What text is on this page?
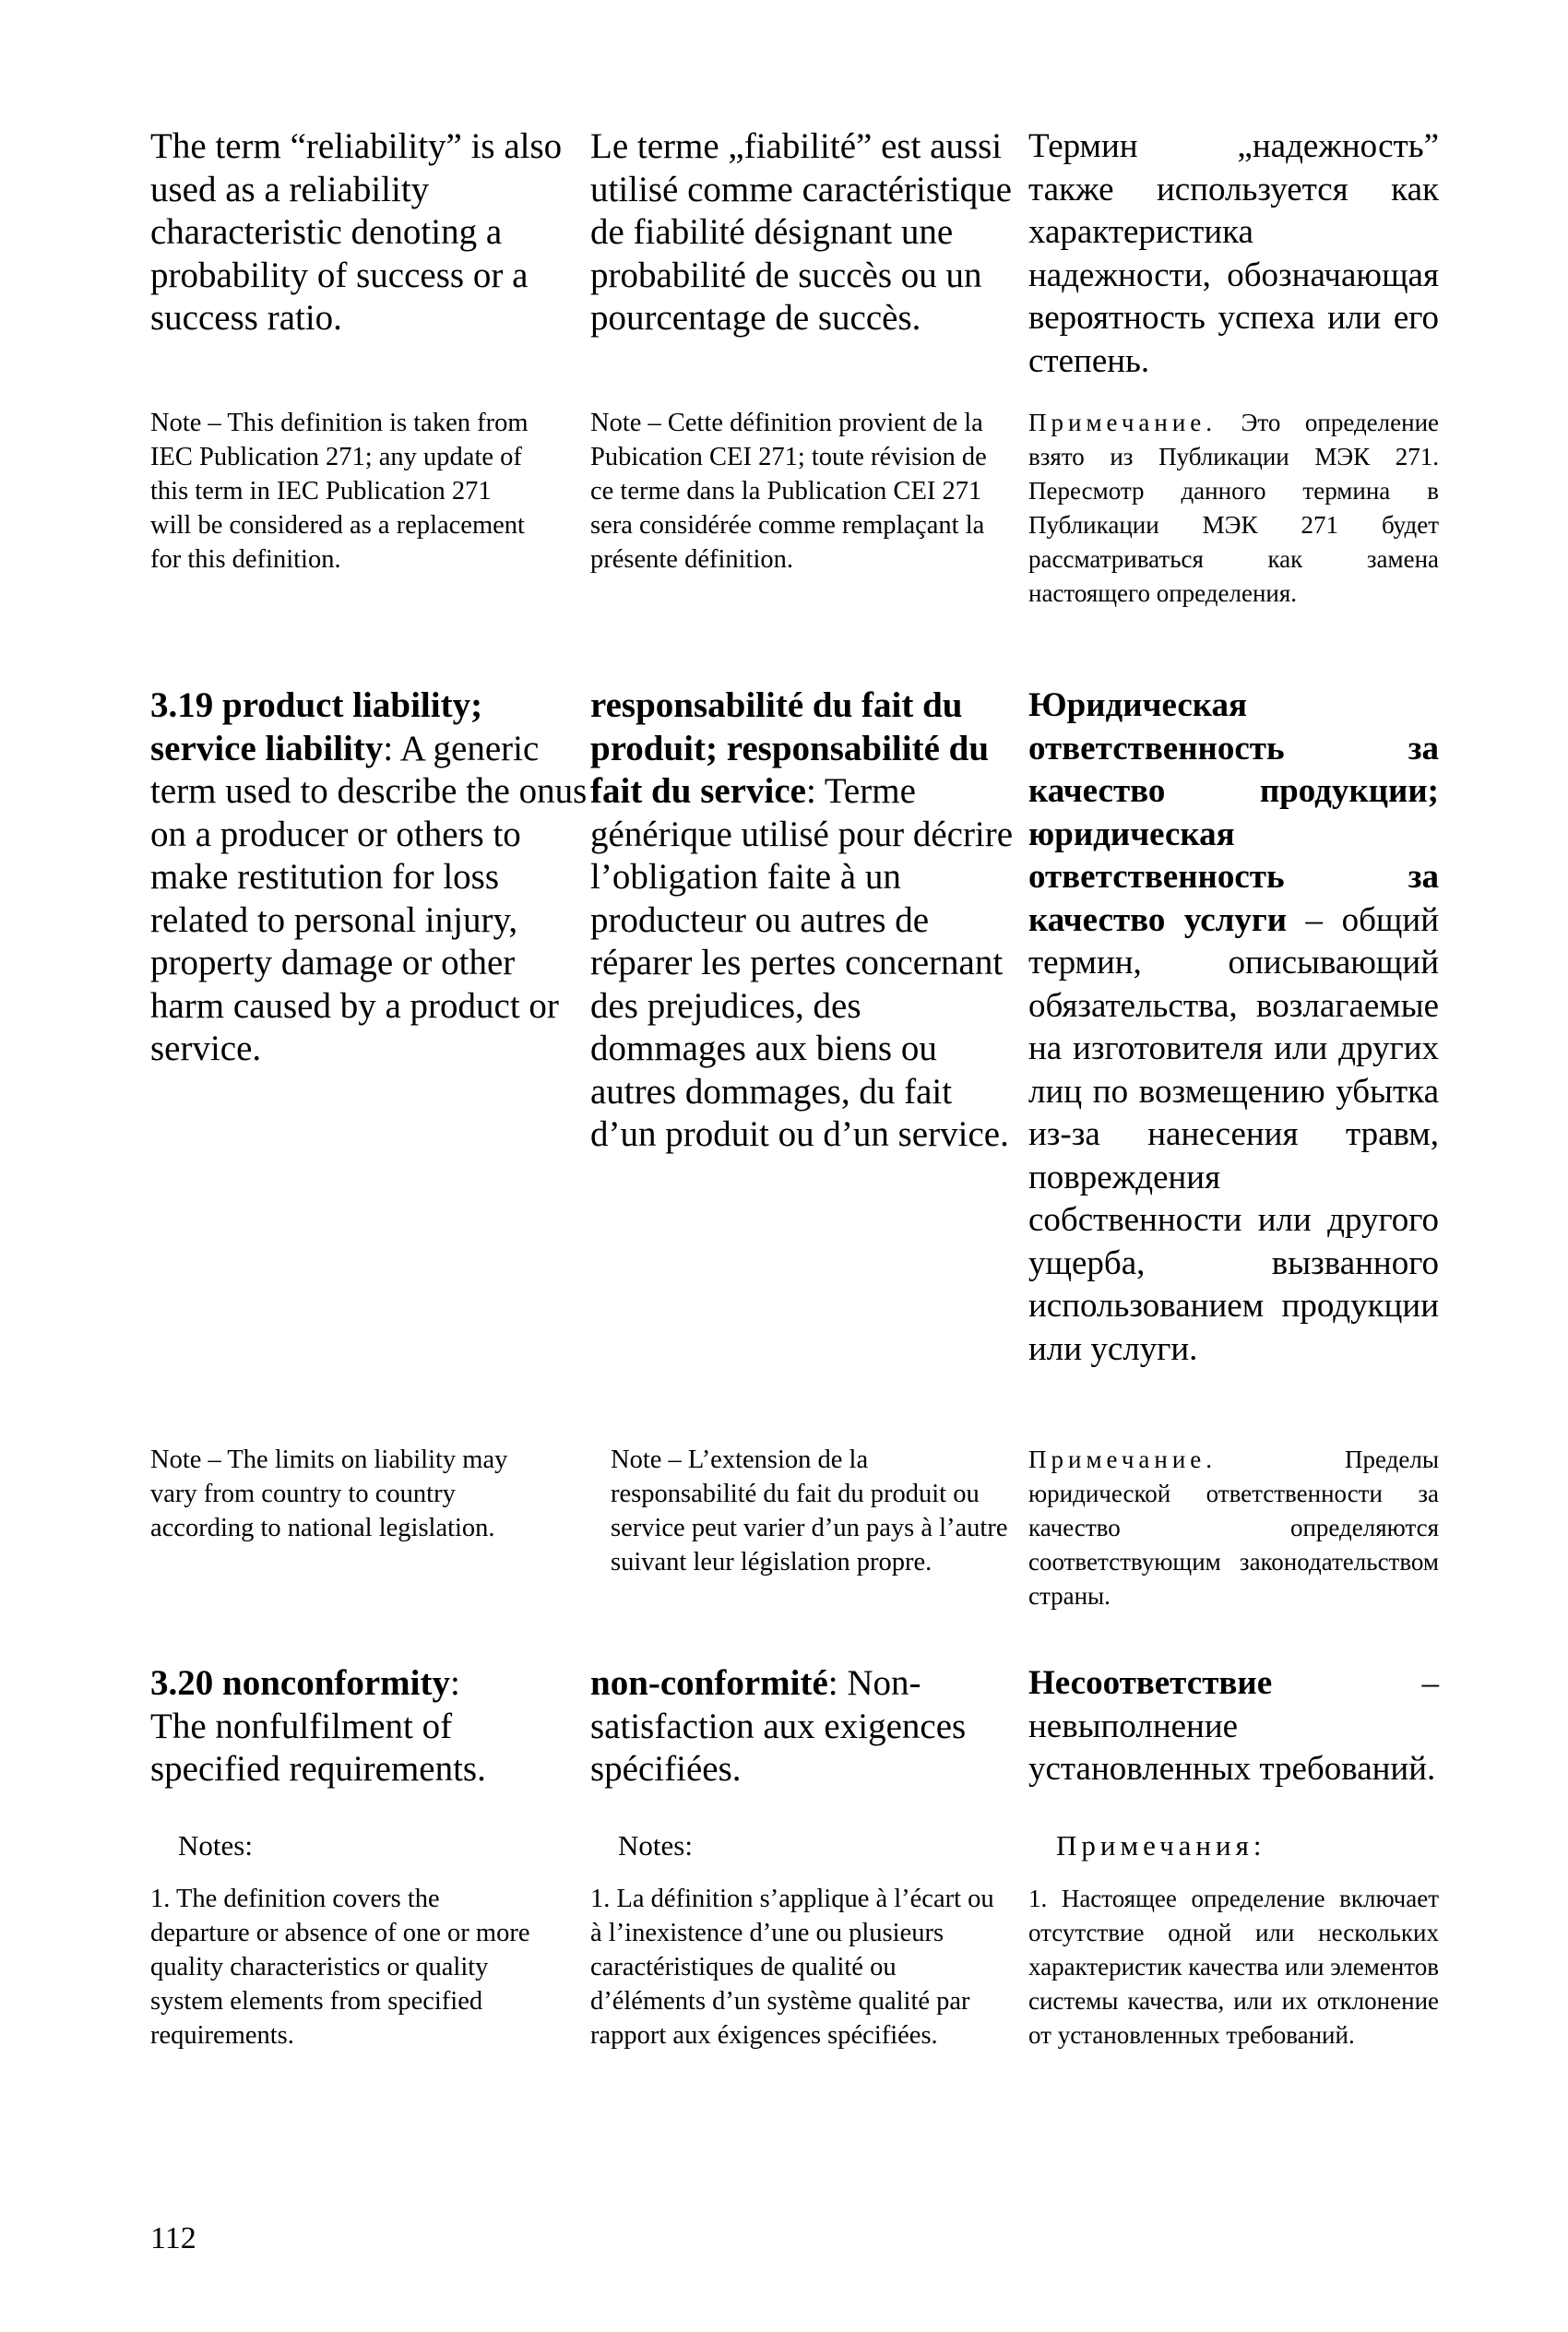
The term “reliability” is also used as a reliability characteristic denoting a probability of success or a success ratio.
Le terme „fiabilité” est aussi utilisé comme caractéristique de fiabilité désignant une probabilité de succès ou un pourcentage de succès.
Термин „надежность” также используется как характеристика надежности, обозначающая вероятность успеха или его степень.
Note – This definition is taken from IEC Publication 271; any update of this term in IEC Publication 271 will be considered as a replacement for this definition.
Note – Cette définition provient de la Pubication CEI 271; toute révision de ce terme dans la Publication CEI 271 sera considérée comme remplaçant la présente définition.
Примечание. Это определение взято из Публикации МЭК 271. Пересмотр данного термина в Публикации МЭК 271 будет рассматриваться как замена настоящего определения.
3.19 product liability; service liability: A generic term used to describe the onus on a producer or others to make restitution for loss related to personal injury, property damage or other harm caused by a product or service.
responsabilité du fait du produit; responsabilité du fait du service: Terme générique utilisé pour décrire l’obligation faite à un producteur ou autres de réparer les pertes concernant des prejudices, des dommages aux biens ou autres dommages, du fait d’un produit ou d’un service.
Юридическая ответственность за качество продукции; юридическая ответственность за качество услуги – общий термин, описывающий обязательства, возлагаемые на изготовителя или других лиц по возмещению убытка из-за нанесения травм, повреждения собственности или другого ущерба, вызванного использованием продукции или услуги.
Note – The limits on liability may vary from country to country according to national legislation.
Note – L’extension de la responsabilité du fait du produit ou service peut varier d’un pays à l’autre suivant leur législation propre.
Примечание.	Пределы юридической ответственности за качество определяются соответствующим законодательством страны.
3.20 nonconformity: The nonfulfilment of specified requirements.
non-conformité: Non-satisfaction aux exigences spécifiées.
Несоответствие – невыполнение установленных требований.
Notes:	Notes:	Примечания:
1. The definition covers the departure or absence of one or more quality characteristics or quality system elements from specified requirements.
1. La définition s’applique à l’écart ou à l’inexistence d’une ou plusieurs caractéristiques de qualité ou d’éléments d’un système qualité par rapport aux éxigences spécifiées.
1. Настоящее определение включает отсутствие одной или нескольких характеристик качества или элементов системы качества, или их отклонение от установленных требований.
112
